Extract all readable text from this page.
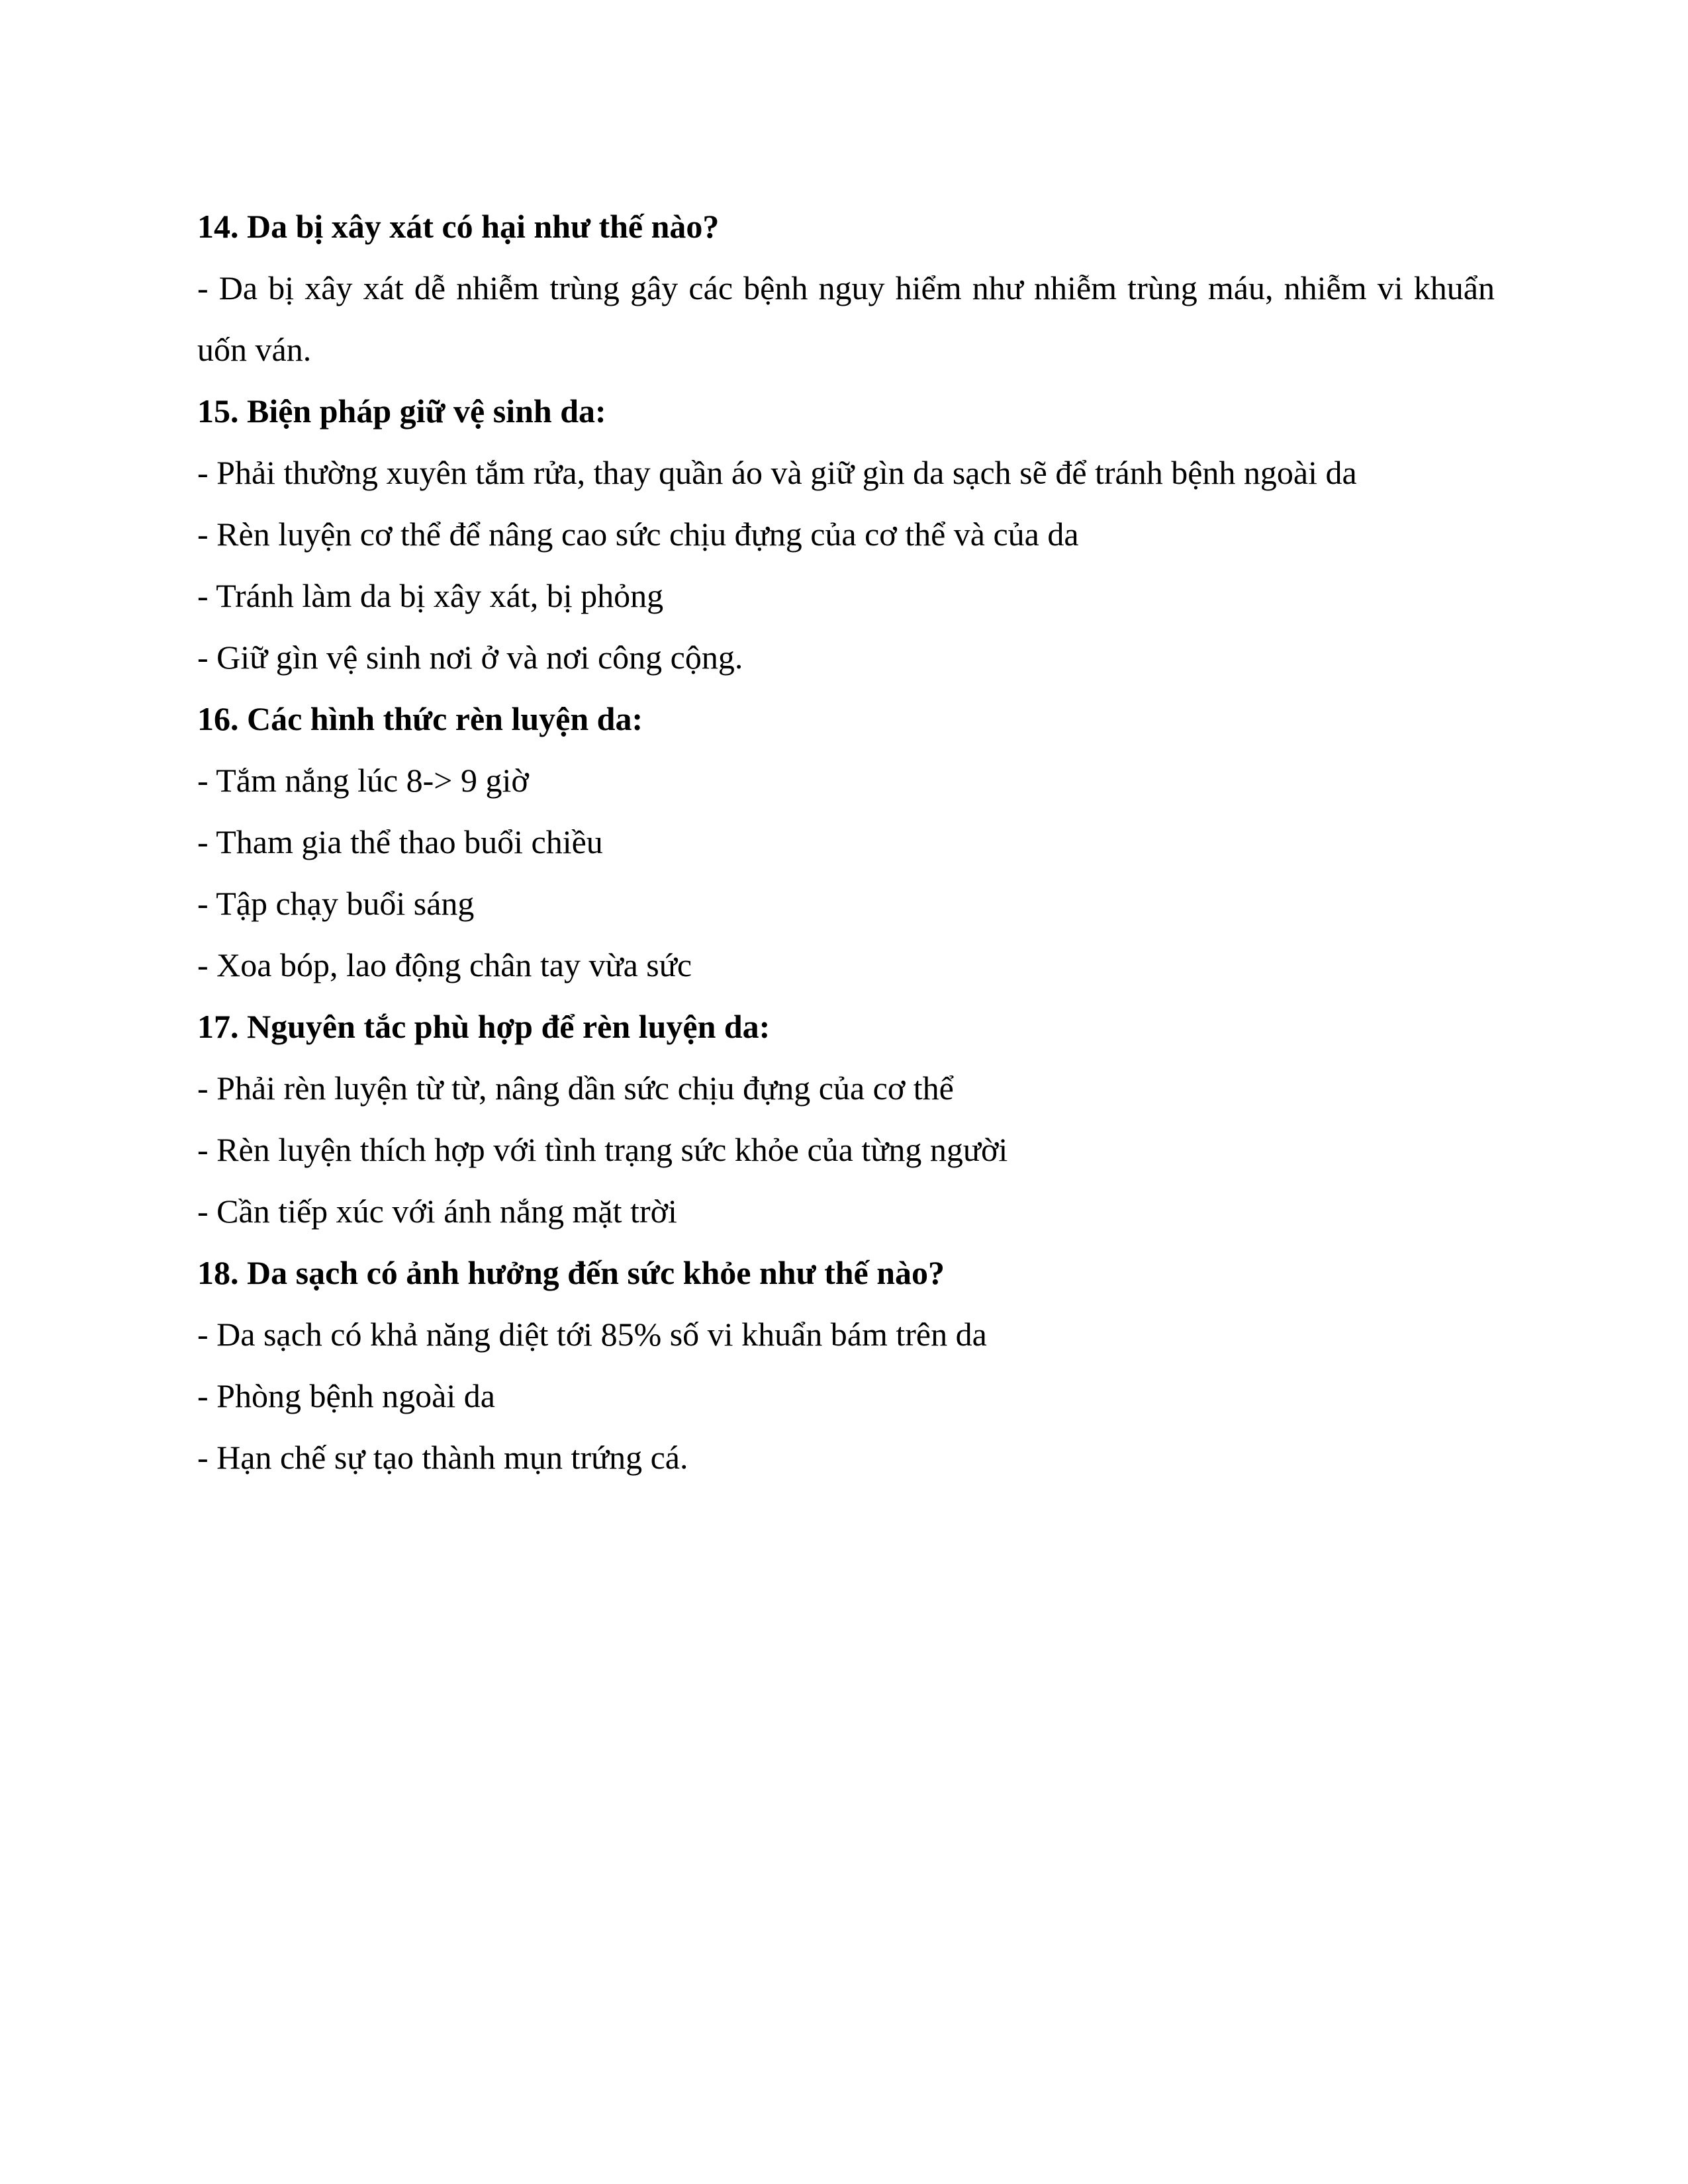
14. Da bị xây xát có hại như thế nào?

- Da bị xây xát dễ nhiễm trùng gây các bệnh nguy hiểm như nhiễm trùng máu, nhiễm vi khuẩn uốn ván.

15. Biện pháp giữ vệ sinh da:

- Phải thường xuyên tắm rửa, thay quần áo và giữ gìn da sạch sẽ để tránh bệnh ngoài da

- Rèn luyện cơ thể để nâng cao sức chịu đựng của cơ thể và của da

- Tránh làm da bị xây xát, bị phỏng

- Giữ gìn vệ sinh nơi ở và nơi công cộng.

16. Các hình thức rèn luyện da:

- Tắm nắng lúc 8-> 9 giờ

- Tham gia thể thao buổi chiều

- Tập chạy buổi sáng

- Xoa bóp, lao động chân tay vừa sức

17. Nguyên tắc phù hợp để rèn luyện da:

- Phải rèn luyện từ từ, nâng dần sức chịu đựng của cơ thể

- Rèn luyện thích hợp với tình trạng sức khỏe của từng người

- Cần tiếp xúc với ánh nắng mặt trời

18. Da sạch có ảnh hưởng đến sức khỏe như thế nào?

- Da sạch có khả năng diệt tới 85% số vi khuẩn bám trên da

- Phòng bệnh ngoài da

- Hạn chế sự tạo thành mụn trứng cá.
